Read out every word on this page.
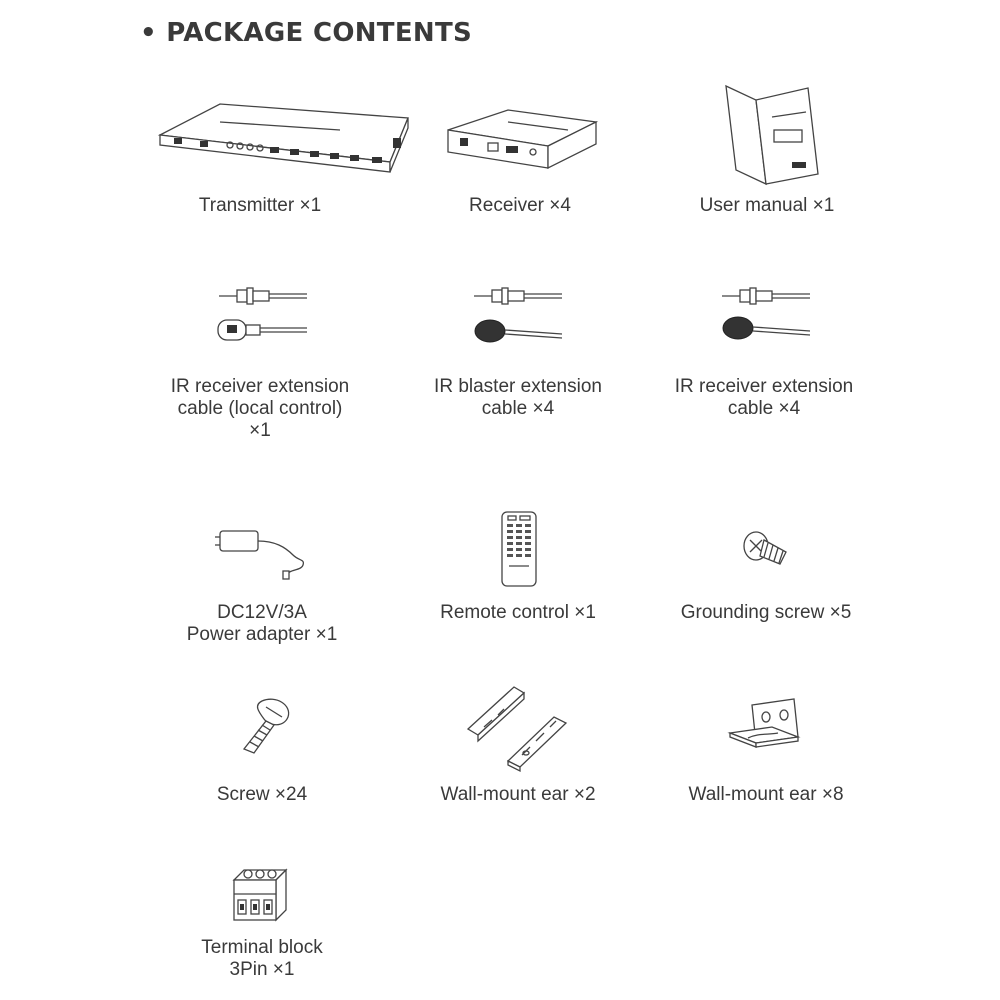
• PACKAGE CONTENTS
Transmitter ×1	Receiver ×4	User manual ×1
IR receiver extension
cable (local control)
×1
IR blaster extension
cable ×4
IR receiver extension
cable ×4
DC12V/3A
Power adapter ×1
Remote control ×1	Grounding screw ×5
Screw ×24	Wall-mount ear ×2	Wall-mount ear ×8
Terminal block
3Pin ×1
